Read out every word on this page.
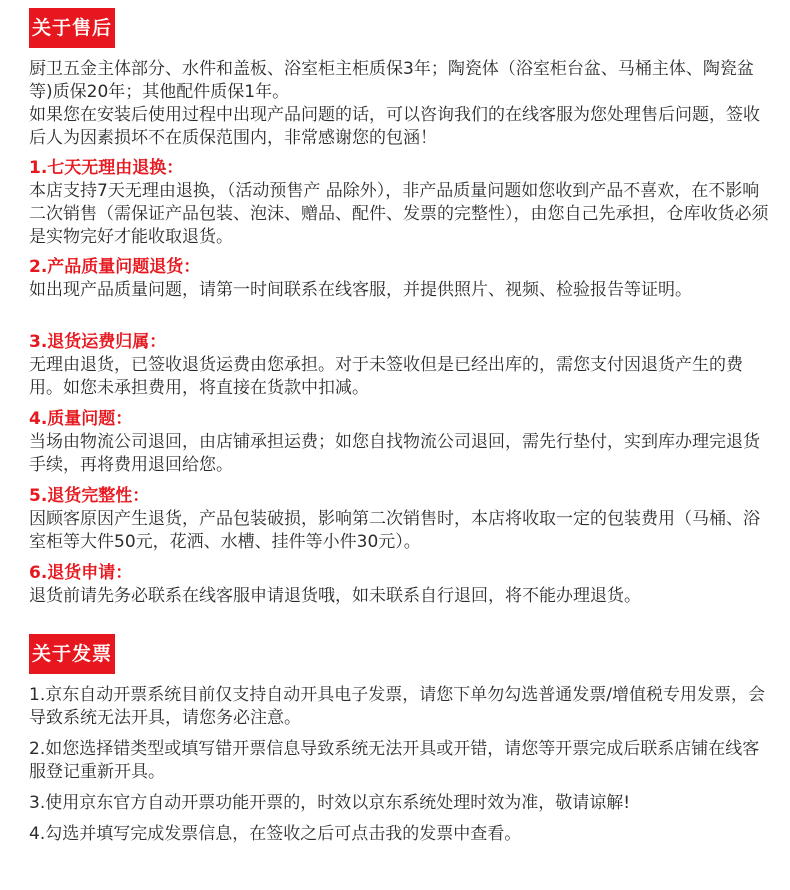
关于售后

厨卫五金主体部分、水件和盖板、浴室柜主柜质保3年；陶瓷体（浴室柜台盆、马桶主体、陶瓷盆等)质保20年；其他配件质保1年。

如果您在安装后使用过程中出现产品问题的话，可以咨询我们的在线客服为您处理售后问题，签收后人为因素损坏不在质保范围内，非常感谢您的包涵！

1.七天无理由退换：

本店支持7天无理由退换，（活动预售产 品除外），非产品质量问题如您收到产品不喜欢，在不影响二次销售（需保证产品包装、泡沫、赠品、配件、发票的完整性），由您自己先承担，仓库收货必须是实物完好才能收取退货。

2.产品质量问题退货：

如出现产品质量问题，请第一时间联系在线客服，并提供照片、视频、检验报告等证明。

3.退货运费归属：

无理由退货，已签收退货运费由您承担。对于未签收但是已经出库的，需您支付因退货产生的费用。如您未承担费用，将直接在货款中扣减。

4.质量问题：

当场由物流公司退回，由店铺承担运费；如您自找物流公司退回，需先行垫付，实到库办理完退货手续，再将费用退回给您。

5.退货完整性：

因顾客原因产生退货，产品包装破损，影响第二次销售时，本店将收取一定的包装费用（马桶、浴室柜等大件50元，花洒、水槽、挂件等小件30元）。

6.退货申请：

退货前请先务必联系在线客服申请退货哦，如未联系自行退回，将不能办理退货。

关于发票

1.京东自动开票系统目前仅支持自动开具电子发票，请您下单勿勾选普通发票/增值税专用发票，会导致系统无法开具，请您务必注意。

2.如您选择错类型或填写错开票信息导致系统无法开具或开错，请您等开票完成后联系店铺在线客服登记重新开具。

3.使用京东官方自动开票功能开票的，时效以京东系统处理时效为准，敬请谅解!

4.勾选并填写完成发票信息，在签收之后可点击我的发票中查看。
